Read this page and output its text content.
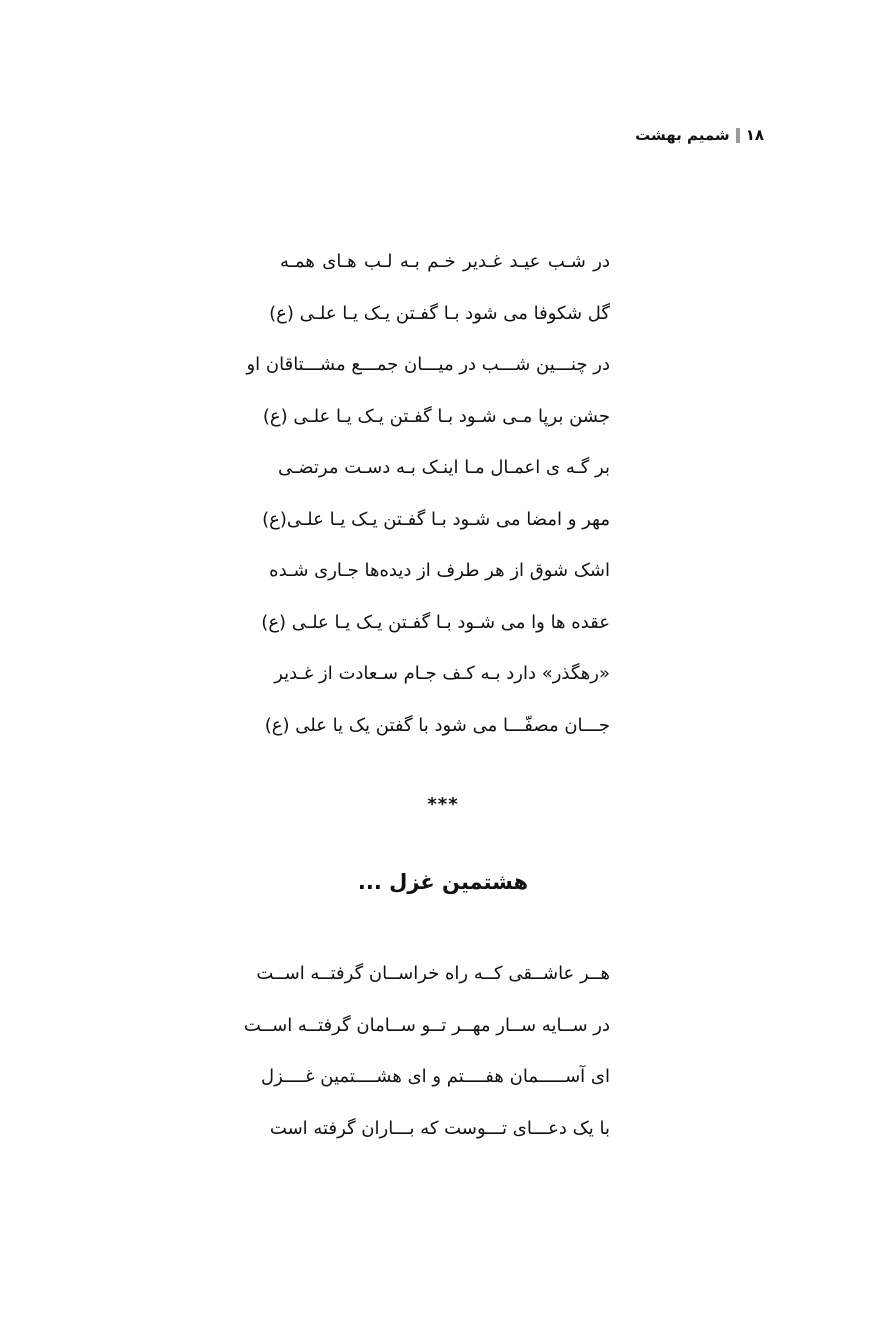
۱۸
شمیم بهشت
در شـب عیـد غـدیر خـم بـه لـب هـای همـه
گل شکوفا می شود بـا گفـتن یـک یـا علـی (ع)
در چنـــین شـــب در میـــان جمـــع مشـــتاقان او
جشن برپا مـی شـود بـا گفـتن یـک یـا علـی (ع)
بر گـه ی اعمـال مـا اینـک بـه دسـت مرتضـی
مهر و امضا می شـود بـا گفـتن یـک یـا علـی(ع)
اشک شوق از هر طرف از دیده‌ها جـاری شـده
عقده ها وا می شـود بـا گفـتن یـک یـا علـی (ع)
«رهگذر» دارد بـه کـف جـام سـعادت از غـدیر
جـــان مصفّـــا می شود با گفتن یک یا علی (ع)
***
هشتمین غزل ...
هــر عاشــقی کــه راه خراســان گرفتــه اســت
در ســایه ســار مهــر تــو ســامان گرفتــه اســت
ای آســـــمان هفــــتم و ای هشــــتمین غــــزل
با یک دعـــای تـــوست که بـــاران گرفته است
